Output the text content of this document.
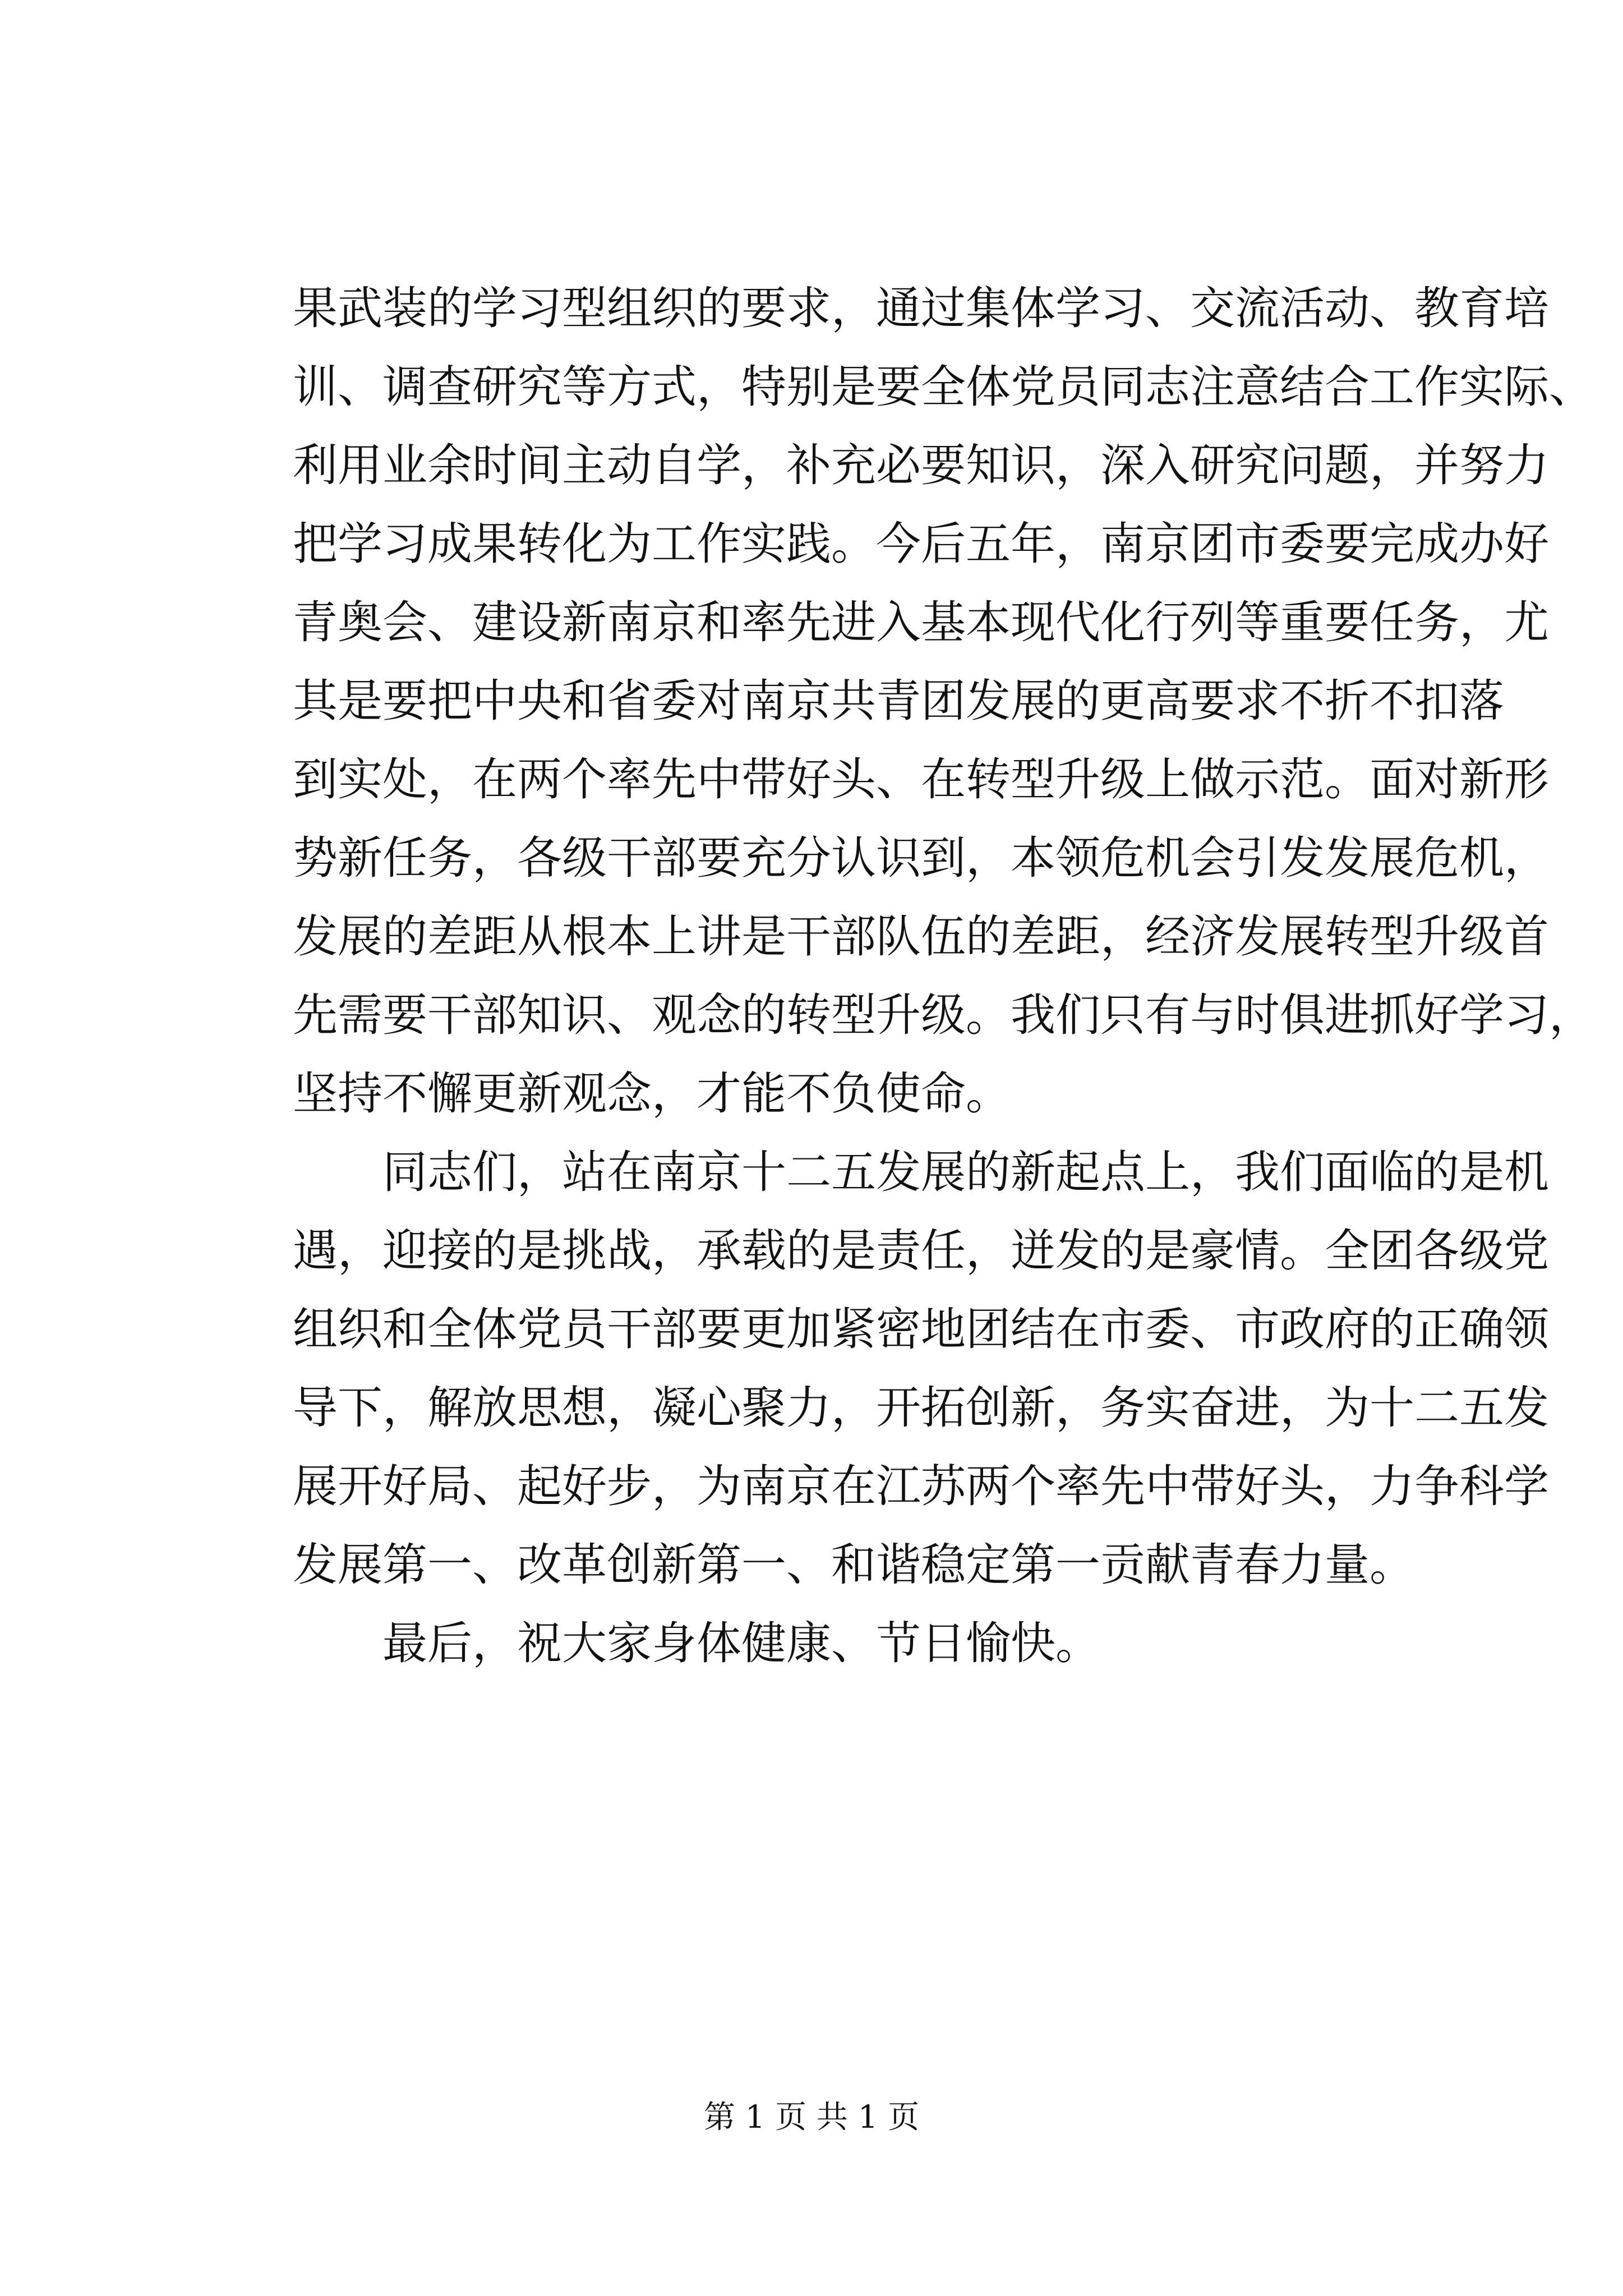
果武装的学习型组织的要求，通过集体学习、交流活动、教育培
训、调查研究等方式，特别是要全体党员同志注意结合工作实际、
利用业余时间主动自学，补充必要知识，深入研究问题，并努力
把学习成果转化为工作实践。今后五年，南京团市委要完成办好
青奥会、建设新南京和率先进入基本现代化行列等重要任务，尤
其是要把中央和省委对南京共青团发展的更高要求不折不扣落
到实处，在两个率先中带好头、在转型升级上做示范。面对新形
势新任务，各级干部要充分认识到，本领危机会引发发展危机，
发展的差距从根本上讲是干部队伍的差距，经济发展转型升级首
先需要干部知识、观念的转型升级。我们只有与时俱进抓好学习，
坚持不懈更新观念，才能不负使命。
　　同志们，站在南京十二五发展的新起点上，我们面临的是机
遇，迎接的是挑战，承载的是责任，迸发的是豪情。全团各级党
组织和全体党员干部要更加紧密地团结在市委、市政府的正确领
导下，解放思想，凝心聚力，开拓创新，务实奋进，为十二五发
展开好局、起好步，为南京在江苏两个率先中带好头，力争科学
发展第一、改革创新第一、和谐稳定第一贡献青春力量。
　　最后，祝大家身体健康、节日愉快。
第 1 页 共 1 页
